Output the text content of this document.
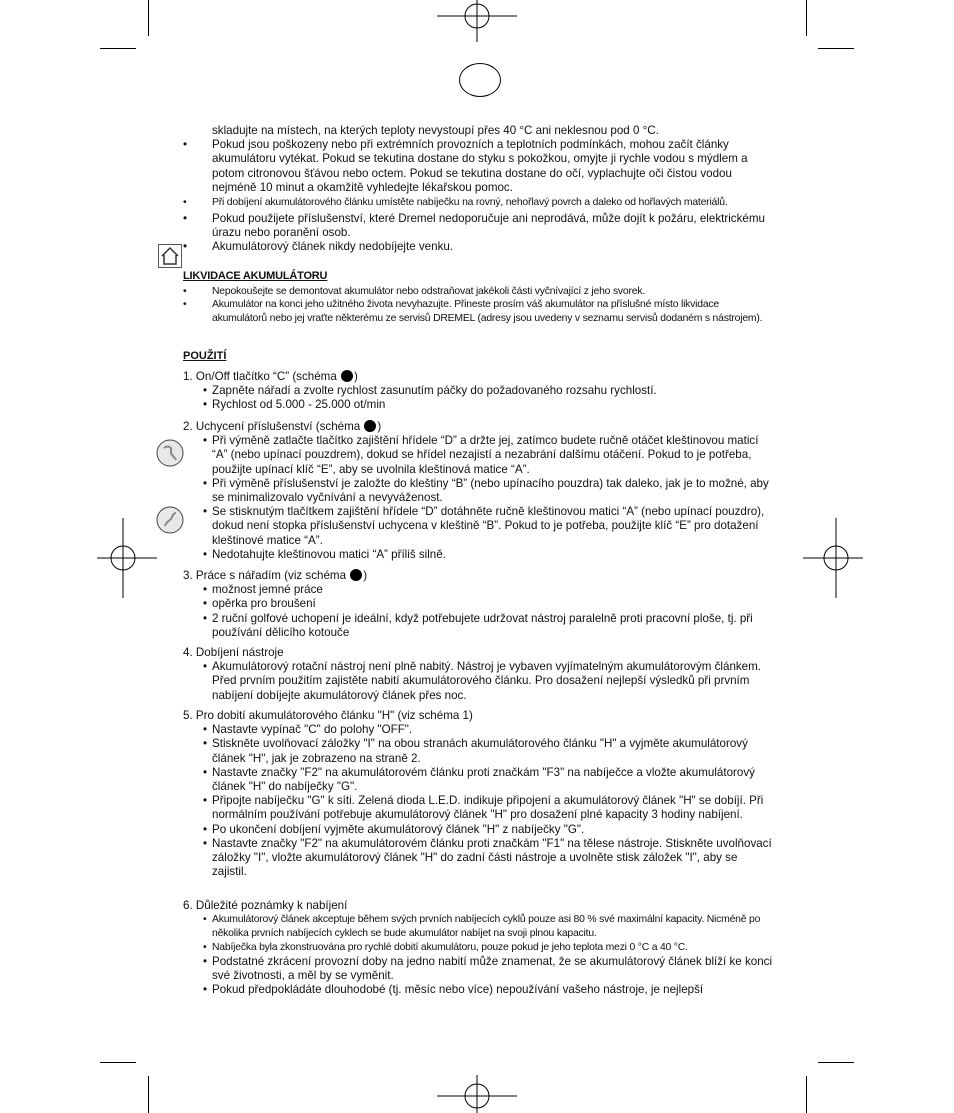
skladujte na místech, na kterých teploty nevystoupí přes 40 °C ani neklesnou pod 0 °C.
• Pokud jsou poškozeny nebo při extrémních provozních a teplotních podmínkách, mohou začít články akumulátoru vytékat. Pokud se tekutina dostane do styku s pokožkou, omyjte ji rychle vodou s mýdlem a potom citronovou šťávou nebo octem. Pokud se tekutina dostane do očí, vyplachujte oči čistou vodou nejméně 10 minut a okamžitě vyhledejte lékařskou pomoc.
• Při dobíjení akumulátorového článku umístěte nabíječku na rovný, nehořlavý povrch a daleko od hořlavých materiálů.
• Pokud použijete příslušenství, které Dremel nedoporučuje ani neprodává, může dojít k požáru, elektrickému úrazu nebo poranění osob.
• Akumulátorový článek nikdy nedobíjejte venku.
LIKVIDACE AKUMULÁTORU
• Nepokoušejte se demontovat akumulátor nebo odstraňovat jakékoli části vyčnívající z jeho svorek.
• Akumulátor na konci jeho užitného života nevyhazujte. Přineste prosím váš akumulátor na příslušné místo likvidace akumulátorů nebo jej vraťte některému ze servisů DREMEL (adresy jsou uvedeny v seznamu servisů dodaném s nástrojem).
POUŽITÍ
1. On/Off tlačítko “C” (schéma )
• Zapněte nářadí a zvolte rychlost zasunutím páčky do požadovaného rozsahu rychlostí.
• Rychlost od 5.000 - 25.000 ot/min
2. Uchycení příslušenství (schéma )
• Při výměně zatlačte tlačítko zajištění hřídele “D” a držte jej, zatímco budete ručně otáčet kleštinovou maticí “A” (nebo upínací pouzdrem), dokud se hřídel nezajistí a nezabrání dalšímu otáčení. Pokud to je potřeba, použijte upínací klíč “E”, aby se uvolnila kleštinová matice “A”.
• Při výměně příslušenství je založte do kleštiny “B” (nebo upínacího pouzdra) tak daleko, jak je to možné, aby se minimalizovalo vyčnívání a nevyváženost.
• Se stisknutým tlačítkem zajištění hřídele “D” dotáhněte ručně kleštinovou matici “A” (nebo upínací pouzdro), dokud není stopka příslušenství uchycena v kleštině “B”. Pokud to je potřeba, použijte klíč “E” pro dotažení kleštinové matice “A”.
• Nedotahujte kleštinovou matici “A” příliš silně.
3. Práce s nářadím (viz schéma )
• možnost jemné práce
• opěrka pro broušení
• 2 ruční golfové uchopení je ideální, když potřebujete udržovat nástroj paralelně proti pracovní ploše, tj. při používání dělicího kotouče
4. Dobíjení nástroje
• Akumulátorový rotační nástroj není plně nabitý. Nástroj je vybaven vyjímatelným akumulátorovým článkem. Před prvním použitím zajistěte nabití akumulátorového článku. Pro dosažení nejlepší výsledků při prvním nabíjení dobíjejte akumulátorový článek přes noc.
5. Pro dobití akumulátorového článku "H" (viz schéma 1)
• Nastavte vypínač "C" do polohy "OFF".
• Stiskněte uvolňovací záložky "I" na obou stranách akumulátorového článku "H" a vyjměte akumulátorový článek "H", jak je zobrazeno na straně 2.
• Nastavte značky "F2" na akumulátorovém článku proti značkám "F3" na nabíječce a vložte akumulátorový článek "H" do nabíječky "G".
• Připojte nabíječku "G" k síti. Zelená dioda L.E.D. indikuje připojení a akumulátorový článek "H" se dobíjí. Při normálním používání potřebuje akumulátorový článek "H" pro dosažení plné kapacity 3 hodiny nabíjení.
• Po ukončení dobíjení vyjměte akumulátorový článek "H" z nabíječky "G".
• Nastavte značky "F2" na akumulátorovém článku proti značkám "F1" na tělese nástroje. Stiskněte uvolňovací záložky "I", vložte akumulátorový článek "H" do zadní části nástroje a uvolněte stisk záložek "I", aby se zajistil.
6. Důležité poznámky k nabíjení
• Akumulátorový článek akceptuje během svých prvních nabíjecích cyklů pouze asi 80 % své maximální kapacity. Nicméně po několika prvních nabíjecích cyklech se bude akumulátor nabíjet na svoji plnou kapacitu.
• Nabíječka byla zkonstruována pro rychlé dobití akumulátoru, pouze pokud je jeho teplota mezi 0 °C a 40 °C.
• Podstatné zkrácení provozní doby na jedno nabití může znamenat, že se akumulátorový článek blíží ke konci své životnosti, a měl by se vyměnit.
• Pokud předpokládáte dlouhodobé (tj. měsíc nebo více) nepoužívání vašeho nástroje, je nejlepší
